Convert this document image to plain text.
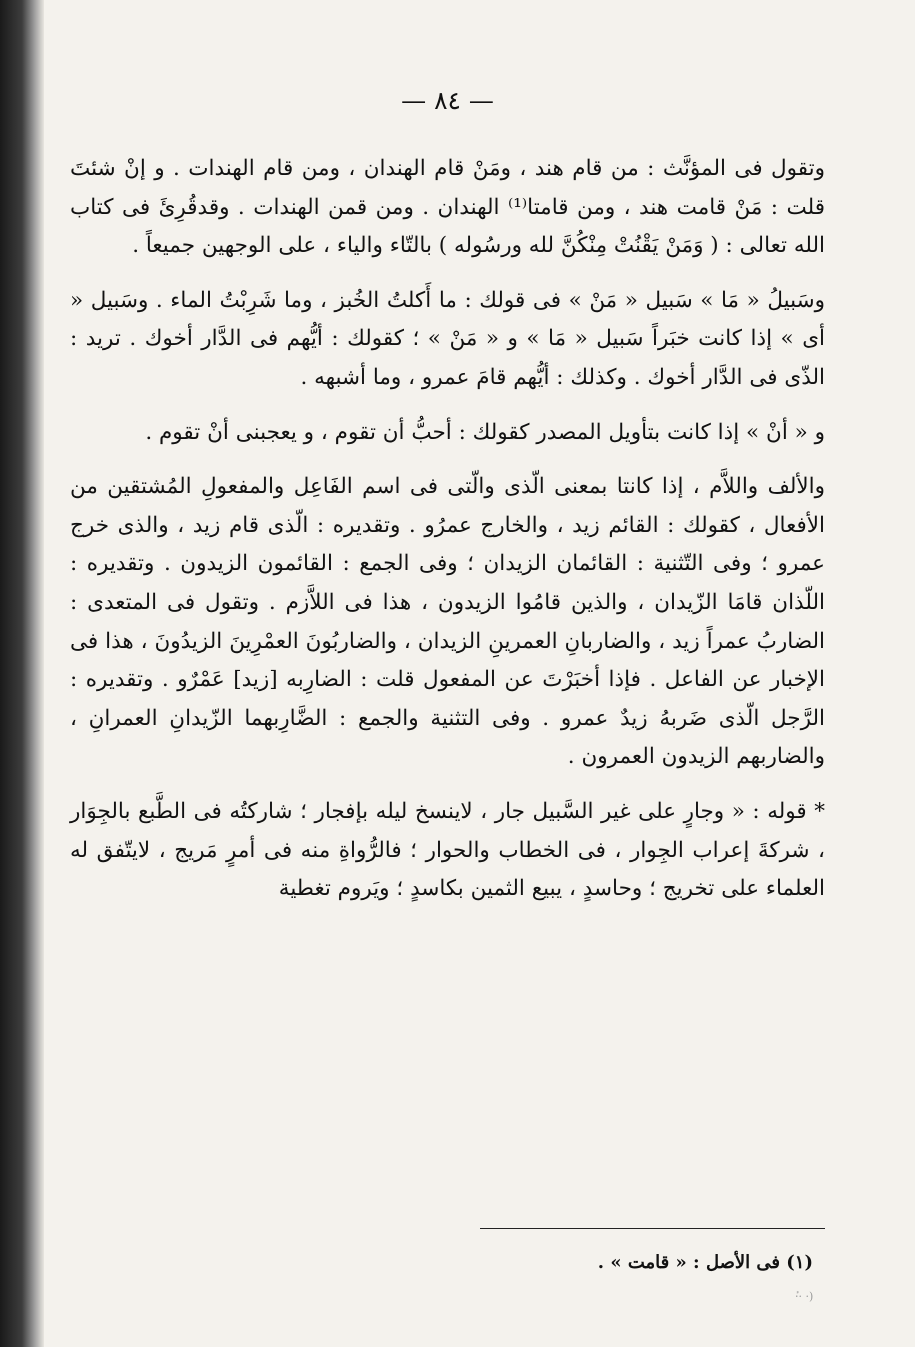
— ٨٤ —

وتقول فى المؤنَّث : من قام هند ، ومَنْ قام الهندان ، ومن قام الهندات . و إنْ شئتَ قلت : مَنْ قامت هند ، ومن قامتا⁽¹⁾ الهندان . ومن قمن الهندات . وقدقُرِئَ فى كتاب الله تعالى : ( وَمَنْ يَقْنُتْ مِنْكُنَّ لله ورسُوله ) بالتّاء والياء ، على الوجهين جميعاً .

وسَبيلُ « مَا » سَبيل « مَنْ » فى قولك : ما أَكلتُ الخُبز ، وما شَرِبْتُ الماء . وسَبيل « أى » إذا كانت خبَراً سَبيل « مَا » و « مَنْ » ؛ كقولك : أيُّهم فى الدَّار أخوك . تريد : الذّى فى الدَّار أخوك . وكذلك : أيُّهم قامَ عمرو ، وما أشبهه .

و « أنْ » إذا كانت بتأويل المصدر كقولك : أحبُّ أن تقوم ، و يعجبنى أنْ تقوم .

والألف واللاَّم ، إذا كانتا بمعنى الّذى والّتى فى اسم الفَاعِل والمفعولِ المُشتقين من الأفعال ، كقولك : القائم زيد ، والخارج عمرُو . وتقديره : الّذى قام زيد ، والذى خرج عمرو ؛ وفى التّثنية : القائمان الزيدان ؛ وفى الجمع : القائمون الزيدون . وتقديره : اللّذان قامَا الزّيدان ، والذين قامُوا الزيدون ، هذا فى اللاَّزم . وتقول فى المتعدى : الضاربُ عمراً زيد ، والضاربانِ العمرينِ الزيدان ، والضاربُونَ العمْرِينَ الزيدُونَ ، هذا فى الإخبار عن الفاعل . فإذا أخبَرْتَ عن المفعول قلت : الضارِبه [زيد] عَمْرٌو . وتقديره : الرَّجل الّذى ضَربهُ زيدٌ عمرو . وفى التثنية والجمع : الضَّارِبهما الزّيدانِ العمرانِ ، والضاربهم الزيدون العمرون .

* قوله : « وجارٍ على غير السَّبيل جار ، لاينسخ ليله بإفجار ؛ شاركتُه فى الطَّبع بالجِوَار ، شركةَ إعراب الجِوار ، فى الخطاب والحوار ؛ فالرُّواةِ منه فى أمرٍ مَريج ، لايتّفق له العلماء على تخريج ؛ وحاسدٍ ، يبيع الثمين بكاسدٍ ؛ ويَروم تغطية

(١) فى الأصل : « قامت » .
·ٔ· ·)
